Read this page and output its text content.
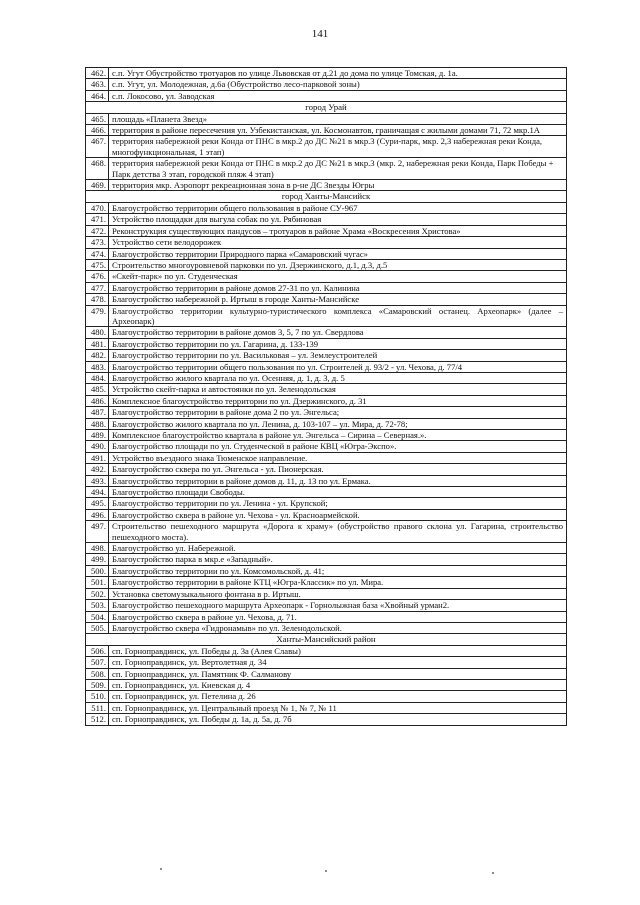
141
462.	с.п. Угут Обустройство тротуаров по улице Львовская от д.21 до дома по улице Томская, д. 1а.
463.	с.п. Угут, ул. Молодежная, д.6а (Обустройство лесо-парковой зоны)
464.	с.п. Локосово, ул. Заводская
город Урай	
465.	площадь «Планета Звезд»
466.	территория в районе пересечения ул. Узбекистанская, ул. Космонавтов, граничащая с жилыми домами 71, 72 мкр.1А
467.	территория набережной реки Конда от ПНС в мкр.2 до ДС №21 в мкр.3 (Сури-парк, мкр. 2,3 набережная реки Конда, многофункциональная, 1 этап)
468.	территория набережной реки Конда от ПНС в мкр.2 до ДС №21 в мкр.3 (мкр. 2, набережная реки Конда, Парк Победы + Парк детства 3 этап, городской пляж 4 этап)
469.	территория мкр. Аэропорт рекреационная зона в р-не ДС Звезды Югры
город Ханты-Мансийск	
470.	Благоустройство территории общего пользования в районе СУ-967
471.	Устройство площадки для выгула собак по ул. Рябиновая
472.	Реконструкция существующих пандусов – тротуаров в районе Храма «Воскресения Христова»
473.	Устройство сети велодорожек
474.	Благоустройство территории Природного парка «Самаровский чугас»
475.	Строительство многоуровневой парковки по ул. Дзержинского, д.1, д.3, д.5
476.	«Скейт-парк» по ул. Студенческая
477.	Благоустройство территории в районе домов 27-31 по ул. Калинина
478.	Благоустройство набережной р. Иртыш в городе Ханты-Мансийске
479.	Благоустройство территории культурно-туристического комплекса «Самаровский останец. Археопарк» (далее – Археопарк)
480.	Благоустройство территории в районе домов 3, 5, 7 по ул. Свердлова
481.	Благоустройство территории по ул. Гагарина, д. 133-139
482.	Благоустройство территории по ул. Васильковая – ул. Землеустроителей
483.	Благоустройство территории общего пользования по ул. Строителей д. 93/2 - ул. Чехова, д. 77/4
484.	Благоустройство жилого квартала по ул. Осенняя, д. 1, д. 3, д. 5
485.	Устройство скейт-парка и автостоянки по ул. Зеленодольская
486.	Комплексное благоустройство территории по ул. Дзержинского, д. 31
487.	Благоустройство территории в районе дома 2 по ул. Энгельса;
488.	Благоустройство жилого квартала по ул. Ленина, д. 103-107 – ул. Мира, д. 72-78;
489.	Комплексное благоустройство квартала в районе ул. Энгельса – Сирина – Северная.».
490.	Благоустройство площади по ул. Студенческой в районе КВЦ «Югра-Экспо».
491.	Устройство въездного знака Тюменское направление.
492.	Благоустройство сквера по ул. Энгельса - ул. Пионерская.
493.	Благоустройство территории в районе домов д. 11, д. 13 по ул. Ермака.
494.	Благоустройство площади Свободы.
495.	Благоустройство территории по ул. Ленина - ул. Крупской;
496.	Благоустройство сквера в районе ул. Чехова - ул. Красноармейской.
497.	Строительство пешеходного маршрута «Дорога к храму» (обустройство правого склона ул. Гагарина, строительство пешеходного моста).
498.	Благоустройство ул. Набережной.
499.	Благоустройство парка в мкр.е «Западный».
500.	Благоустройство территории по ул. Комсомольской, д. 41;
501.	Благоустройство территории в районе КТЦ «Югра-Классик» по ул. Мира.
502.	Установка светомузыкального фонтана в р. Иртыш.
503.	Благоустройство пешеходного маршрута Археопарк - Горнолыжная база «Хвойный урман2.
504.	Благоустройство сквера в районе ул. Чехова, д. 71.
505.	Благоустройство сквера «Гидронамыв» по ул. Зеленодольской.
Ханты-Мансийский район	
506.	сп. Горноправдинск, ул. Победы д. 3а (Алея Славы)
507.	сп. Горноправдинск, ул. Вертолетная д. 34
508.	сп. Горноправдинск, ул. Памятник Ф. Салманову
509.	сп. Горноправдинск, ул. Киевская д. 4
510.	сп. Горноправдинск, ул. Петелина д. 26
511.	сп. Горноправдинск, ул. Центральный проезд № 1, № 7, № 11
512.	сп. Горноправдинск, ул. Победы д. 1а, д. 5а, д. 7б
